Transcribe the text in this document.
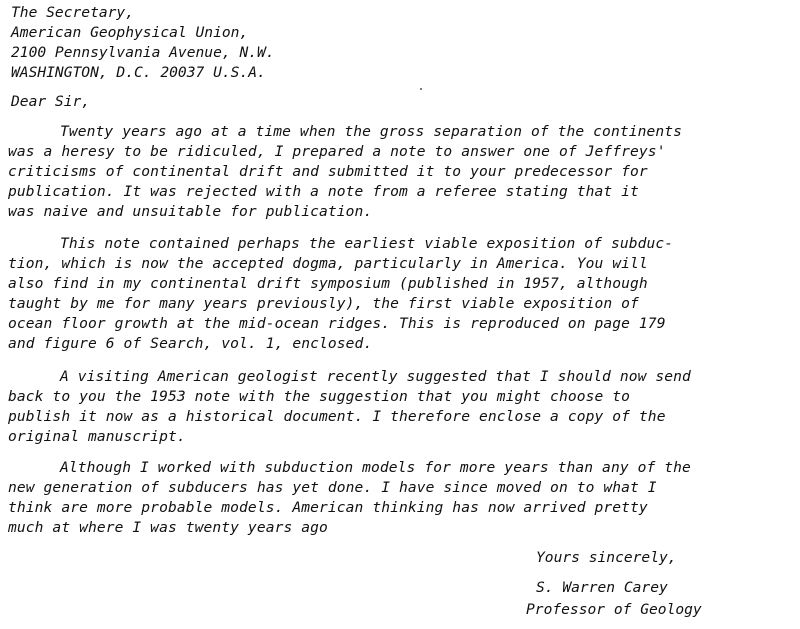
The Secretary,
American Geophysical Union,
2100 Pennsylvania Avenue, N.W.
WASHINGTON, D.C. 20037 U.S.A.
Dear Sir,
Twenty years ago at a time when the gross separation of the continents
was a heresy to be ridiculed, I prepared a note to answer one of Jeffreys'
criticisms of continental drift and submitted it to your predecessor for
publication. It was rejected with a note from a referee stating that it
was naive and unsuitable for publication.
This note contained perhaps the earliest viable exposition of subduc-
tion, which is now the accepted dogma, particularly in America. You will
also find in my continental drift symposium (published in 1957, although
taught by me for many years previously), the first viable exposition of
ocean floor growth at the mid-ocean ridges. This is reproduced on page 179
and figure 6 of Search, vol. 1, enclosed.
A visiting American geologist recently suggested that I should now send
back to you the 1953 note with the suggestion that you might choose to
publish it now as a historical document. I therefore enclose a copy of the
original manuscript.
Although I worked with subduction models for more years than any of the
new generation of subducers has yet done. I have since moved on to what I
think are more probable models. American thinking has now arrived pretty
much at where I was twenty years ago
Yours sincerely,
S. Warren Carey
Professor of Geology
